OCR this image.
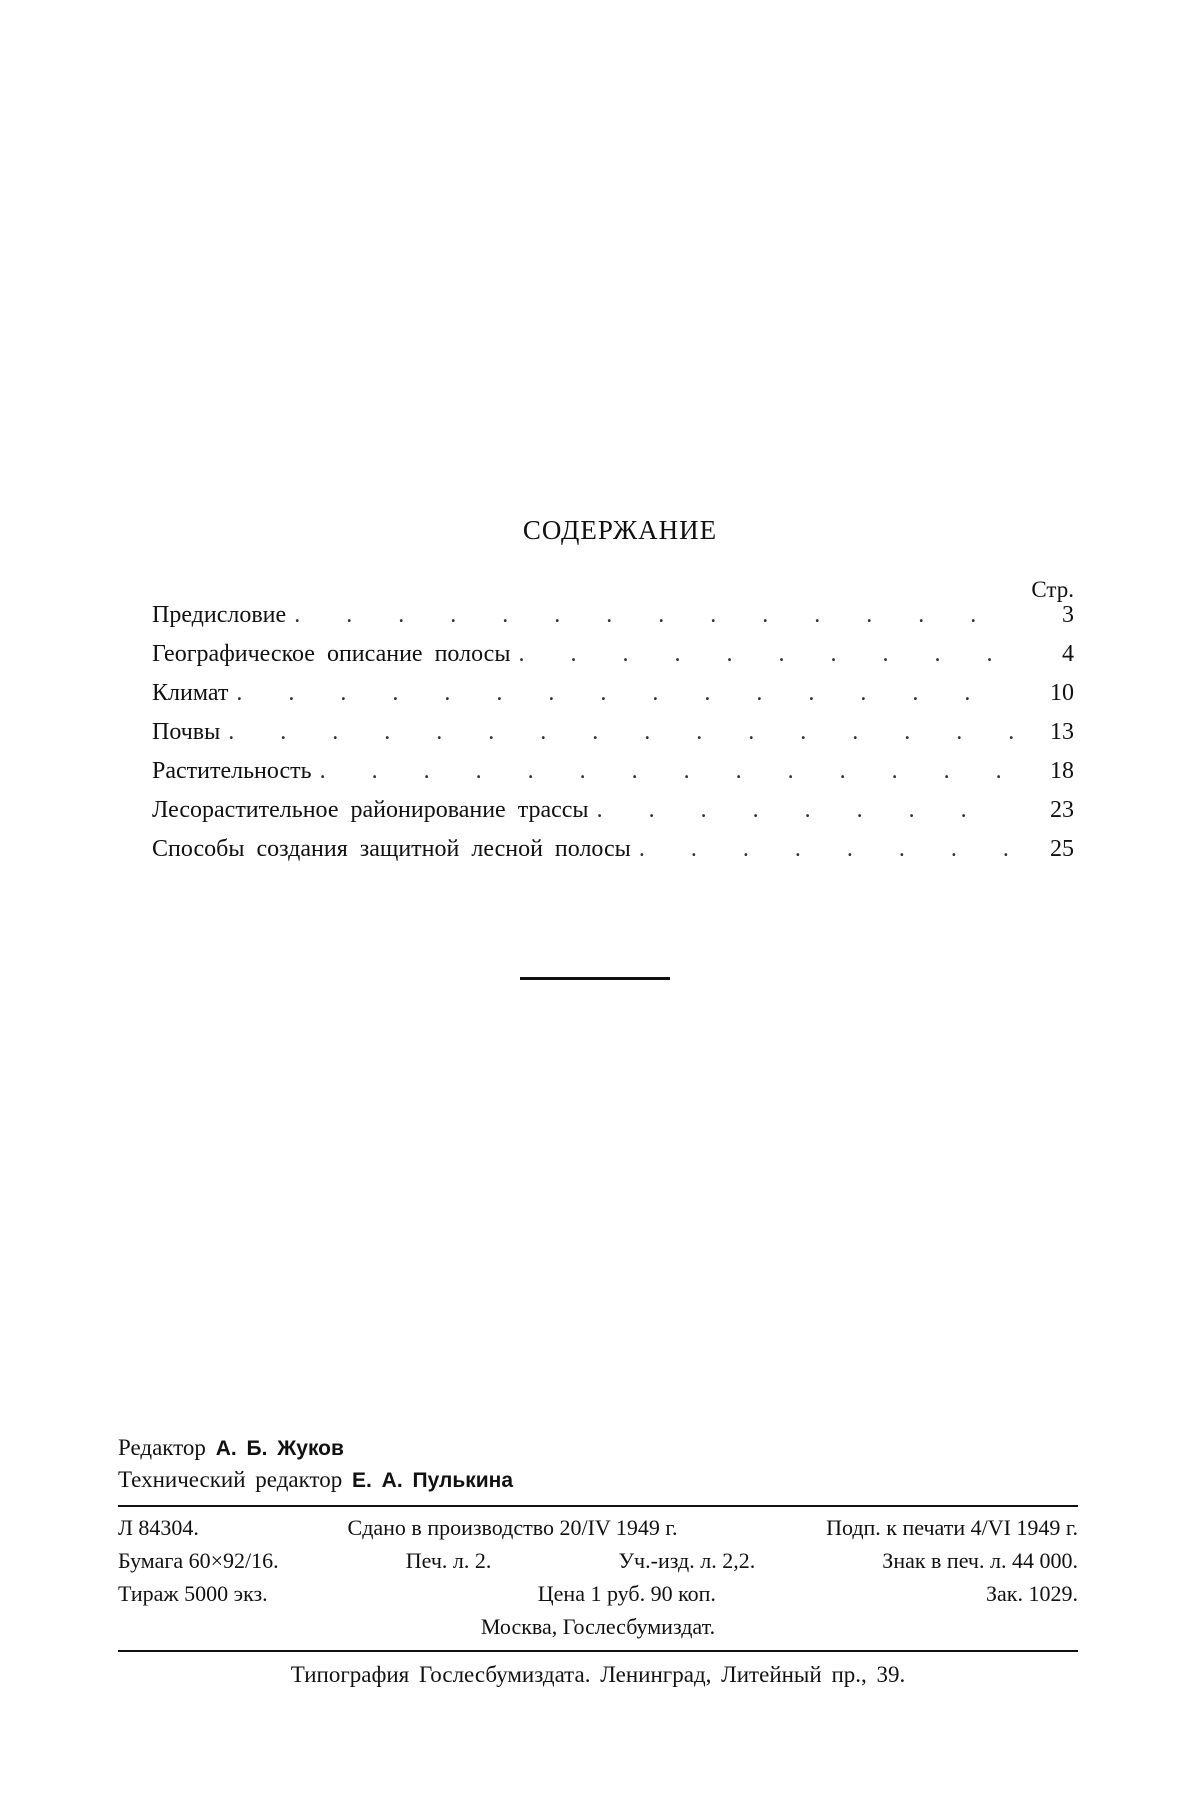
СОДЕРЖАНИЕ
Стр.
Предисловие . . .	3
Географическое описание полосы . . .	4
Климат . . .	10
Почвы . . .	13
Растительность . . .	18
Лесорастительное районирование трассы . . .	23
Способы создания защитной лесной полосы . . .	25
Редактор А. Б. Жуков
Технический редактор Е. А. Пулькина
Л 84304.	Сдано в производство 20/IV 1949 г.	Подп. к печати 4/VI 1949 г.
Бумага 60×92/16.	Печ. л. 2.	Уч.-изд. л. 2,2.	Знак в печ. л. 44 000.
Тираж 5000 экз.	Цена 1 руб. 90 коп.	Зак. 1029.
Москва, Гослесбумиздат.
Типография Гослесбумиздата. Ленинград, Литейный пр., 39.
